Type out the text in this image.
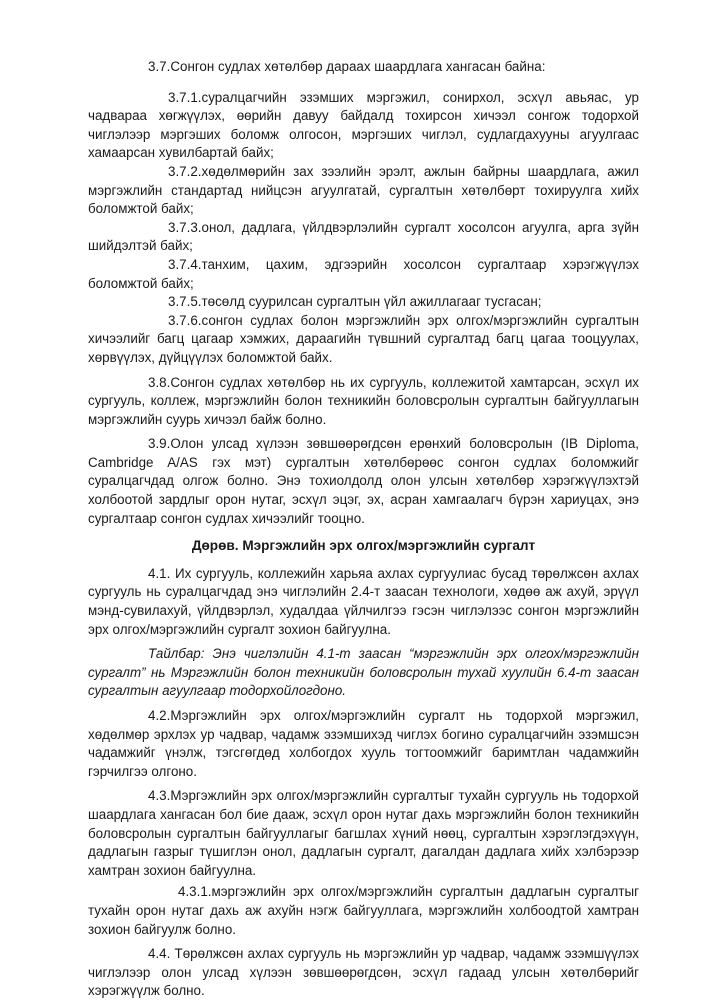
3.7.Сонгон судлах хөтөлбөр дараах шаардлага хангасан байна:

3.7.1.суралцагчийн эзэмших мэргэжил, сонирхол, эсхүл авьяас, ур чадвараа хөгжүүлэх, өөрийн давуу байдалд тохирсон хичээл сонгож тодорхой чиглэлээр мэргэших боломж олгосон, мэргэших чиглэл, судлагдахууны агуулгаас хамаарсан хувилбартай байх;

3.7.2.хөдөлмөрийн зах зээлийн эрэлт, ажлын байрны шаардлага, ажил мэргэжлийн стандартад нийцсэн агуулгатай, сургалтын хөтөлбөрт тохируулга хийх боломжтой байх;

3.7.3.онол, дадлага, үйлдвэрлэлийн сургалт хосолсон агуулга, арга зүйн шийдэлтэй байх;

3.7.4.танхим, цахим, эдгээрийн хосолсон сургалтаар хэрэгжүүлэх боломжтой байх;

3.7.5.төсөлд суурилсан сургалтын үйл ажиллагааг тусгасан;

3.7.6.сонгон судлах болон мэргэжлийн эрх олгох/мэргэжлийн сургалтын хичээлийг багц цагаар хэмжих, дараагийн түвшний сургалтад багц цагаа тооцуулах, хөрвүүлэх, дүйцүүлэх боломжтой байх.

3.8.Сонгон судлах хөтөлбөр нь их сургууль, коллежитой хамтарсан, эсхүл их сургууль, коллеж, мэргэжлийн болон техникийн боловсролын сургалтын байгууллагын мэргэжлийн суурь хичээл байж болно.

3.9.Олон улсад хүлээн зөвшөөрөгдсөн ерөнхий боловсролын (IB Diploma, Cambridge A/AS гэх мэт) сургалтын хөтөлбөрөөс сонгон судлах боломжийг суралцагчдад олгож болно. Энэ тохиолдолд олон улсын хөтөлбөр хэрэгжүүлэхтэй холбоотой зардлыг орон нутаг, эсхүл эцэг, эх, асран хамгаалагч бүрэн хариуцах, энэ сургалтаар сонгон судлах хичээлийг тооцно.

Дөрөв. Мэргэжлийн эрх олгох/мэргэжлийн сургалт

4.1. Их сургууль, коллежийн харьяа ахлах сургуулиас бусад төрөлжсөн ахлах сургууль нь суралцагчдад энэ чиглэлийн 2.4-т заасан технологи, хөдөө аж ахуй, эрүүл мэнд-сувилахуй, үйлдвэрлэл, худалдаа үйлчилгээ гэсэн чиглэлээс сонгон мэргэжлийн эрх олгох/мэргэжлийн сургалт зохион байгуулна.

Тайлбар: Энэ чиглэлийн 4.1-т заасан “мэргэжлийн эрх олгох/мэргэжлийн сургалт” нь Мэргэжлийн болон техникийн боловсролын тухай хуулийн 6.4-т заасан сургалтын агуулгаар тодорхойлогдоно.

4.2.Мэргэжлийн эрх олгох/мэргэжлийн сургалт нь тодорхой мэргэжил, хөдөлмөр эрхлэх ур чадвар, чадамж эзэмшихэд чиглэх богино суралцагчийн эзэмшсэн чадамжийг үнэлж, тэгсгөгдөд холбогдох хууль тогтоомжийг баримтлан чадамжийн гэрчилгээ олгоно.

4.3.Мэргэжлийн эрх олгох/мэргэжлийн сургалтыг тухайн сургууль нь тодорхой шаардлага хангасан бол бие дааж, эсхүл орон нутаг дахь мэргэжлийн болон техникийн боловсролын сургалтын байгууллагыг багшлах хүний нөөц, сургалтын хэрэглэгдэхүүн, дадлагын газрыг түшиглэн онол, дадлагын сургалт, дагалдан дадлага хийх хэлбэрээр хамтран зохион байгуулна.

4.3.1.мэргэжлийн эрх олгох/мэргэжлийн сургалтын дадлагын сургалтыг тухайн орон нутаг дахь аж ахуйн нэгж байгууллага, мэргэжлийн холбоодтой хамтран зохион байгуулж болно.

4.4. Төрөлжсөн ахлах сургууль нь мэргэжлийн ур чадвар, чадамж эзэмшүүлэх чиглэлээр олон улсад хүлээн зөвшөөрөгдсөн, эсхүл гадаад улсын хөтөлбөрийг хэрэгжүүлж болно.
